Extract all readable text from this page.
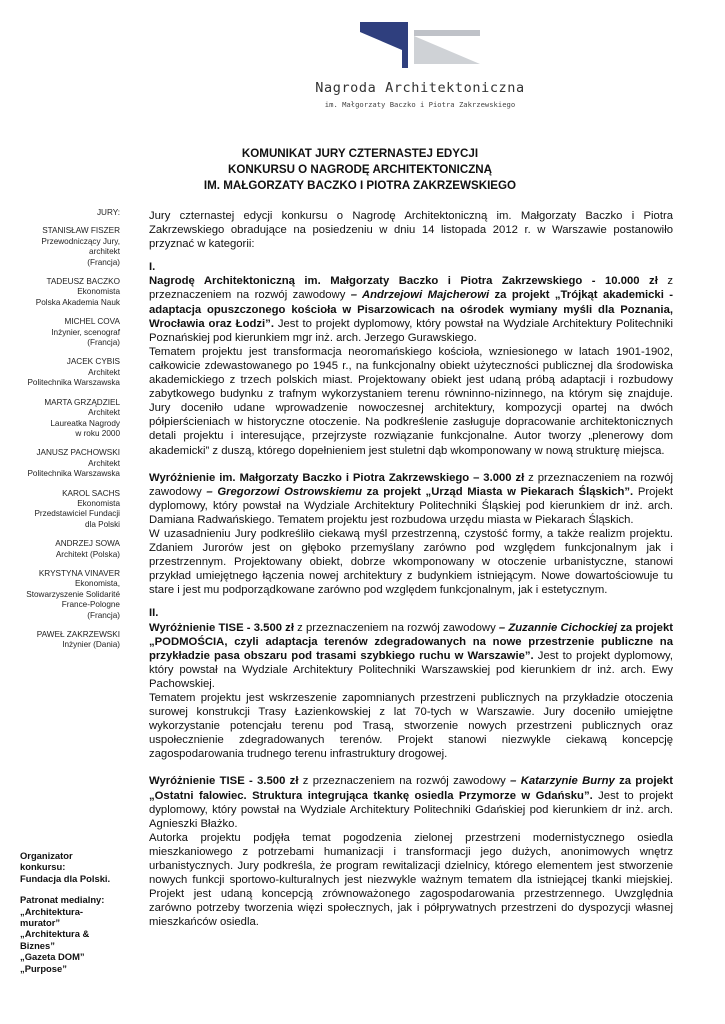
Nagroda Architektoniczna
im. Małgorzaty Baczko i Piotra Zakrzewskiego
KOMUNIKAT JURY CZTERNASTEJ EDYCJI
KONKURSU O NAGRODĘ ARCHITEKTONICZNĄ
IM. MAŁGORZATY BACZKO I PIOTRA ZAKRZEWSKIEGO
JURY:
STANISŁAW FISZER
Przewodniczący Jury,
architekt
(Francja)
TADEUSZ BACZKO
Ekonomista
Polska Akademia Nauk
MICHEL COVA
Inżynier, scenograf
(Francja)
JACEK CYBIS
Architekt
Politechnika Warszawska
MARTA GRZĄDZIEL
Architekt
Laureatka Nagrody
w roku 2000
JANUSZ PACHOWSKI
Architekt
Politechnika Warszawska
KAROL SACHS
Ekonomista
Przedstawiciel Fundacji
dla Polski
ANDRZEJ SOWA
Architekt (Polska)
KRYSTYNA VINAVER
Ekonomista,
Stowarzyszenie Solidarité
France-Pologne
(Francja)
PAWEŁ ZAKRZEWSKI
Inżynier (Dania)
Organizator
konkursu:
Fundacja dla Polski.
Patronat medialny:
„Architektura-
murator”
„Architektura &
Biznes”
„Gazeta DOM”
„Purpose”

Jury czternastej edycji konkursu o Nagrodę Architektoniczną im. Małgorzaty Baczko i Piotra Zakrzewskiego obradujące na posiedzeniu w dniu 14 listopada 2012 r. w Warszawie postanowiło przyznać w kategorii:

I.

Nagrodę Architektoniczną im. Małgorzaty Baczko i Piotra Zakrzewskiego - 10.000 zł z przeznaczeniem na rozwój zawodowy – Andrzejowi Majcherowi za projekt „Trójkąt akademicki - adaptacja opuszczonego kościoła w Pisarzowicach na ośrodek wymiany myśli dla Poznania, Wrocławia oraz Łodzi”. Jest to projekt dyplomowy, który powstał na Wydziale Architektury Politechniki Poznańskiej pod kierunkiem mgr inż. arch. Jerzego Gurawskiego.

Tematem projektu jest transformacja neoromańskiego kościoła, wzniesionego w latach 1901-1902, całkowicie zdewastowanego po 1945 r., na funkcjonalny obiekt użyteczności publicznej dla środowiska akademickiego z trzech polskich miast. Projektowany obiekt jest udaną próbą adaptacji i rozbudowy zabytkowego budynku z trafnym wykorzystaniem terenu równinno-nizinnego, na którym się znajduje. Jury doceniło udane wprowadzenie nowoczesnej architektury, kompozycji opartej na dwóch półpierścieniach w historyczne otoczenie. Na podkreślenie zasługuje dopracowanie architektonicznych detali projektu i interesujące, przejrzyste rozwiązanie funkcjonalne. Autor tworzy „plenerowy dom akademicki” z duszą, którego dopełnieniem jest stuletni dąb wkomponowany w nową strukturę miejsca.

Wyróżnienie im. Małgorzaty Baczko i Piotra Zakrzewskiego – 3.000 zł z przeznaczeniem na rozwój zawodowy – Gregorzowi Ostrowskiemu za projekt „Urząd Miasta w Piekarach Śląskich”. Projekt dyplomowy, który powstał na Wydziale Architektury Politechniki Śląskiej pod kierunkiem dr inż. arch. Damiana Radwańskiego. Tematem projektu jest rozbudowa urzędu miasta w Piekarach Śląskich.

W uzasadnieniu Jury podkreśliło ciekawą myśl przestrzenną, czystość formy, a także realizm projektu. Zdaniem Jurorów jest on głęboko przemyślany zarówno pod względem funkcjonalnym jak i przestrzennym. Projektowany obiekt, dobrze wkomponowany w otoczenie urbanistyczne, stanowi przykład umiejętnego łączenia nowej architektury z budynkiem istniejącym. Nowe dowartościowuje tu stare i jest mu podporządkowane zarówno pod względem funkcjonalnym, jak i estetycznym.

II.

Wyróżnienie TISE - 3.500 zł z przeznaczeniem na rozwój zawodowy – Zuzannie Cichockiej za projekt „PODMOŚCIA, czyli adaptacja terenów zdegradowanych na nowe przestrzenie publiczne na przykładzie pasa obszaru pod trasami szybkiego ruchu w Warszawie”. Jest to projekt dyplomowy, który powstał na Wydziale Architektury Politechniki Warszawskiej pod kierunkiem dr inż. arch. Ewy Pachowskiej.

Tematem projektu jest wskrzeszenie zapomnianych przestrzeni publicznych na przykładzie otoczenia surowej konstrukcji Trasy Łazienkowskiej z lat 70-tych w Warszawie. Jury doceniło umiejętne wykorzystanie potencjału terenu pod Trasą, stworzenie nowych przestrzeni publicznych oraz uspołecznienie zdegradowanych terenów. Projekt stanowi niezwykle ciekawą koncepcję zagospodarowania trudnego terenu infrastruktury drogowej.

Wyróżnienie TISE - 3.500 zł z przeznaczeniem na rozwój zawodowy – Katarzynie Burny za projekt „Ostatni falowiec. Struktura integrująca tkankę osiedla Przymorze w Gdańsku”. Jest to projekt dyplomowy, który powstał na Wydziale Architektury Politechniki Gdańskiej pod kierunkiem dr inż. arch. Agnieszki Błażko.

Autorka projektu podjęła temat pogodzenia zielonej przestrzeni modernistycznego osiedla mieszkaniowego z potrzebami humanizacji i transformacji jego dużych, anonimowych wnętrz urbanistycznych. Jury podkreśla, że program rewitalizacji dzielnicy, którego elementem jest stworzenie nowych funkcji sportowo-kulturalnych jest niezwykle ważnym tematem dla istniejącej tkanki miejskiej. Projekt jest udaną koncepcją zrównoważonego zagospodarowania przestrzennego. Uwzględnia zarówno potrzeby tworzenia więzi społecznych, jak i półprywatnych przestrzeni do dyspozycji własnej mieszkańców osiedla.
